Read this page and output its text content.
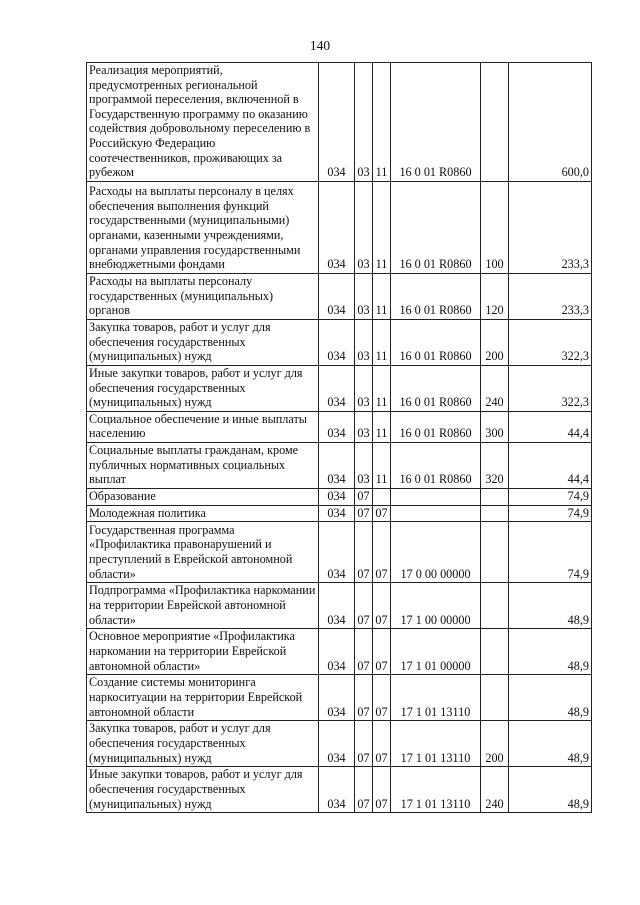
140
Реализация мероприятий, предусмотренных региональной программой переселения, включенной в Государственную программу по оказанию содействия добровольному переселению в Российскую Федерацию соотечественников, проживающих за рубежом	034	03	11	16 0 01 R0860		600,0
Расходы на выплаты персоналу в целях обеспечения выполнения функций государственными (муниципальными) органами, казенными учреждениями, органами управления государственными внебюджетными фондами	034	03	11	16 0 01 R0860	100	233,3
Расходы на выплаты персоналу государственных (муниципальных) органов	034	03	11	16 0 01 R0860	120	233,3
Закупка товаров, работ и услуг для обеспечения государственных (муниципальных) нужд	034	03	11	16 0 01 R0860	200	322,3
Иные закупки товаров, работ и услуг для обеспечения государственных (муниципальных) нужд	034	03	11	16 0 01 R0860	240	322,3
Социальное обеспечение и иные выплаты населению	034	03	11	16 0 01 R0860	300	44,4
Социальные выплаты гражданам, кроме публичных нормативных социальных выплат	034	03	11	16 0 01 R0860	320	44,4
Образование	034	07				74,9
Молодежная политика	034	07	07			74,9
Государственная программа «Профилактика правонарушений и преступлений в Еврейской автономной области»	034	07	07	17 0 00 00000		74,9
Подпрограмма «Профилактика наркомании на территории Еврейской автономной области»	034	07	07	17 1 00 00000		48,9
Основное мероприятие «Профилактика наркомании на территории Еврейской автономной области»	034	07	07	17 1 01 00000		48,9
Создание системы мониторинга наркоситуации на территории Еврейской автономной области	034	07	07	17 1 01 13110		48,9
Закупка товаров, работ и услуг для обеспечения государственных (муниципальных) нужд	034	07	07	17 1 01 13110	200	48,9
Иные закупки товаров, работ и услуг для обеспечения государственных (муниципальных) нужд	034	07	07	17 1 01 13110	240	48,9
